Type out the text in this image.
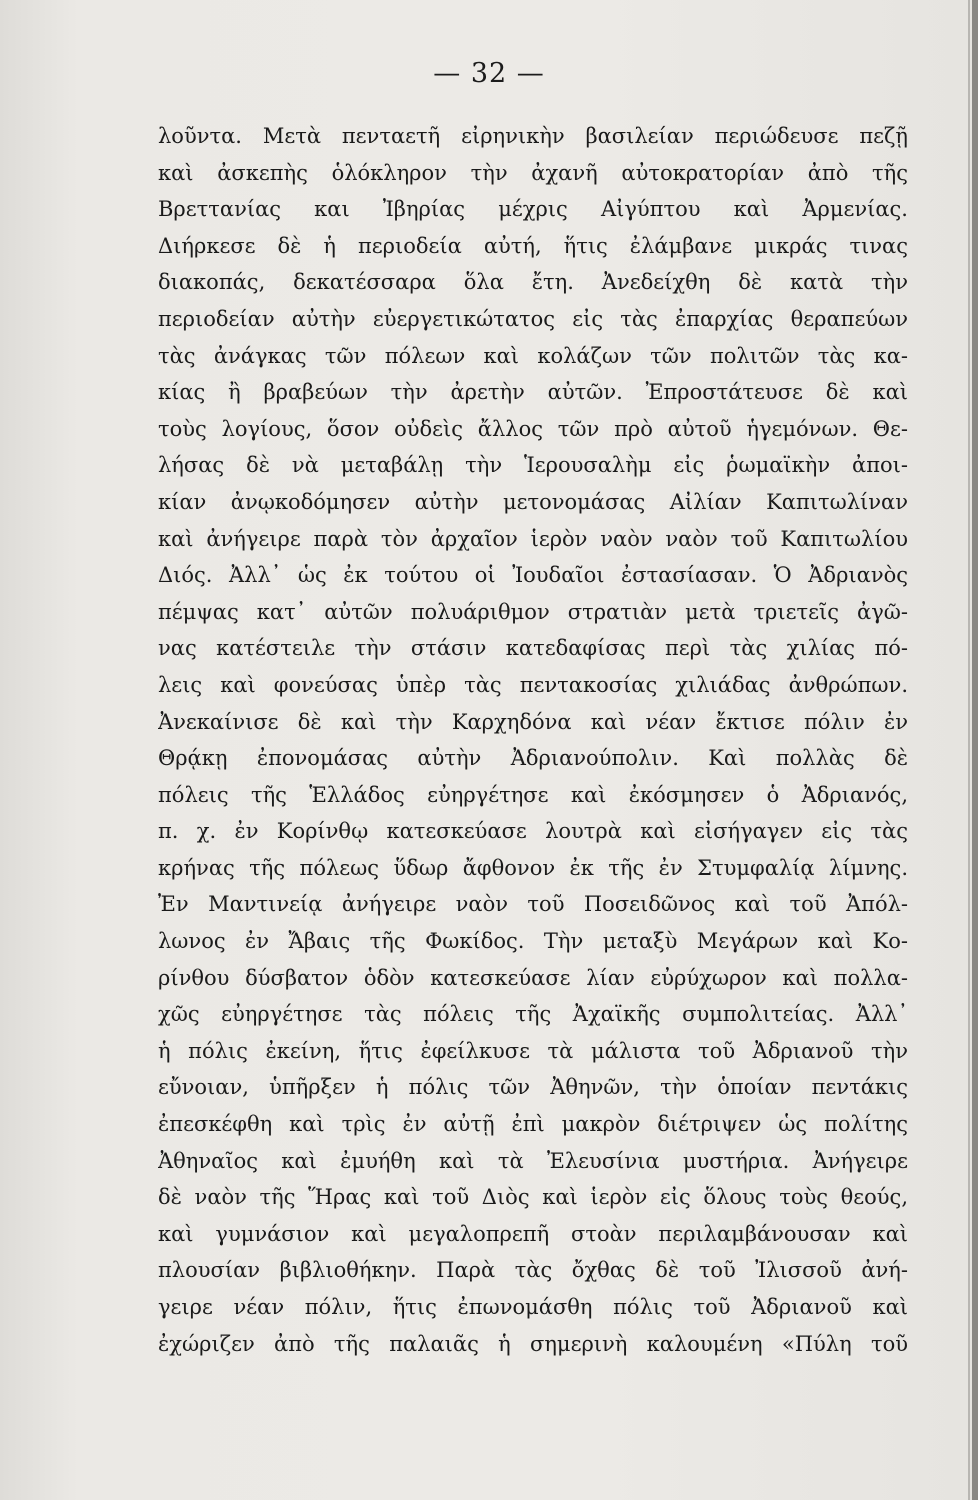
— 32 —
λοῦντα. Μετὰ πενταετῆ εἰρηνικὴν βασιλείαν περιώδευσε πεζῇ
καὶ ἀσκεπὴς ὁλόκληρον τὴν ἀχανῆ αὐτοκρατορίαν ἀπὸ τῆς
Βρεττανίας και Ἰβηρίας μέχρις Αἰγύπτου καὶ Ἀρμενίας.
Διήρκεσε δὲ ἡ περιοδεία αὐτή, ἥτις ἐλάμβανε μικράς τινας
διακοπάς, δεκατέσσαρα ὅλα ἔτη. Ἀνεδείχθη δὲ κατὰ τὴν
περιοδείαν αὐτὴν εὐεργετικώτατος εἰς τὰς ἐπαρχίας θεραπεύων
τὰς ἀνάγκας τῶν πόλεων καὶ κολάζων τῶν πολιτῶν τὰς κα-
κίας ἢ βραβεύων τὴν ἀρετὴν αὐτῶν. Ἐπροστάτευσε δὲ καὶ
τοὺς λογίους, ὅσον οὐδεὶς ἄλλος τῶν πρὸ αὐτοῦ ἡγεμόνων. Θε-
λήσας δὲ νὰ μεταβάλῃ τὴν Ἱερουσαλὴμ εἰς ῥωμαϊκὴν ἀποι-
κίαν ἀνῳκοδόμησεν αὐτὴν μετονομάσας Αἰλίαν Καπιτωλίναν
καὶ ἀνήγειρε παρὰ τὸν ἀρχαῖον ἱερὸν ναὸν ναὸν τοῦ Καπιτωλίου
Διός. Ἀλλ᾽ ὡς ἐκ τούτου οἱ Ἰουδαῖοι ἐστασίασαν. Ὁ Ἀδριανὸς
πέμψας κατ᾽ αὐτῶν πολυάριθμον στρατιὰν μετὰ τριετεῖς ἀγῶ-
νας κατέστειλε τὴν στάσιν κατεδαφίσας περὶ τὰς χιλίας πό-
λεις καὶ φονεύσας ὑπὲρ τὰς πεντακοσίας χιλιάδας ἀνθρώπων.
Ἀνεκαίνισε δὲ καὶ τὴν Καρχηδόνα καὶ νέαν ἔκτισε πόλιν ἐν
Θρᾴκῃ ἐπονομάσας αὐτὴν Ἀδριανούπολιν. Καὶ πολλὰς δὲ
πόλεις τῆς Ἑλλάδος εὐηργέτησε καὶ ἐκόσμησεν ὁ Ἀδριανός,
π. χ. ἐν Κορίνθῳ κατεσκεύασε λουτρὰ καὶ εἰσήγαγεν εἰς τὰς
κρήνας τῆς πόλεως ὕδωρ ἄφθονον ἐκ τῆς ἐν Στυμφαλίᾳ λίμνης.
Ἐν Μαντινείᾳ ἀνήγειρε ναὸν τοῦ Ποσειδῶνος καὶ τοῦ Ἀπόλ-
λωνος ἐν Ἄβαις τῆς Φωκίδος. Τὴν μεταξὺ Μεγάρων καὶ Κο-
ρίνθου δύσβατον ὁδὸν κατεσκεύασε λίαν εὐρύχωρον καὶ πολλα-
χῶς εὐηργέτησε τὰς πόλεις τῆς Ἀχαϊκῆς συμπολιτείας. Ἀλλ᾽
ἡ πόλις ἐκείνη, ἥτις ἐφείλκυσε τὰ μάλιστα τοῦ Ἀδριανοῦ τὴν
εὔνοιαν, ὑπῆρξεν ἡ πόλις τῶν Ἀθηνῶν, τὴν ὁποίαν πεντάκις
ἐπεσκέφθη καὶ τρὶς ἐν αὐτῇ ἐπὶ μακρὸν διέτριψεν ὡς πολίτης
Ἀθηναῖος καὶ ἐμυήθη καὶ τὰ Ἐλευσίνια μυστήρια. Ἀνήγειρε
δὲ ναὸν τῆς Ἥρας καὶ τοῦ Διὸς καὶ ἱερὸν εἰς ὅλους τοὺς θεούς,
καὶ γυμνάσιον καὶ μεγαλοπρεπῆ στοὰν περιλαμβάνουσαν καὶ
πλουσίαν βιβλιοθήκην. Παρὰ τὰς ὄχθας δὲ τοῦ Ἰλισσοῦ ἀνή-
γειρε νέαν πόλιν, ἥτις ἐπωνομάσθη πόλις τοῦ Ἀδριανοῦ καὶ
ἐχώριζεν ἀπὸ τῆς παλαιᾶς ἡ σημερινὴ καλουμένη «Πύλη τοῦ
